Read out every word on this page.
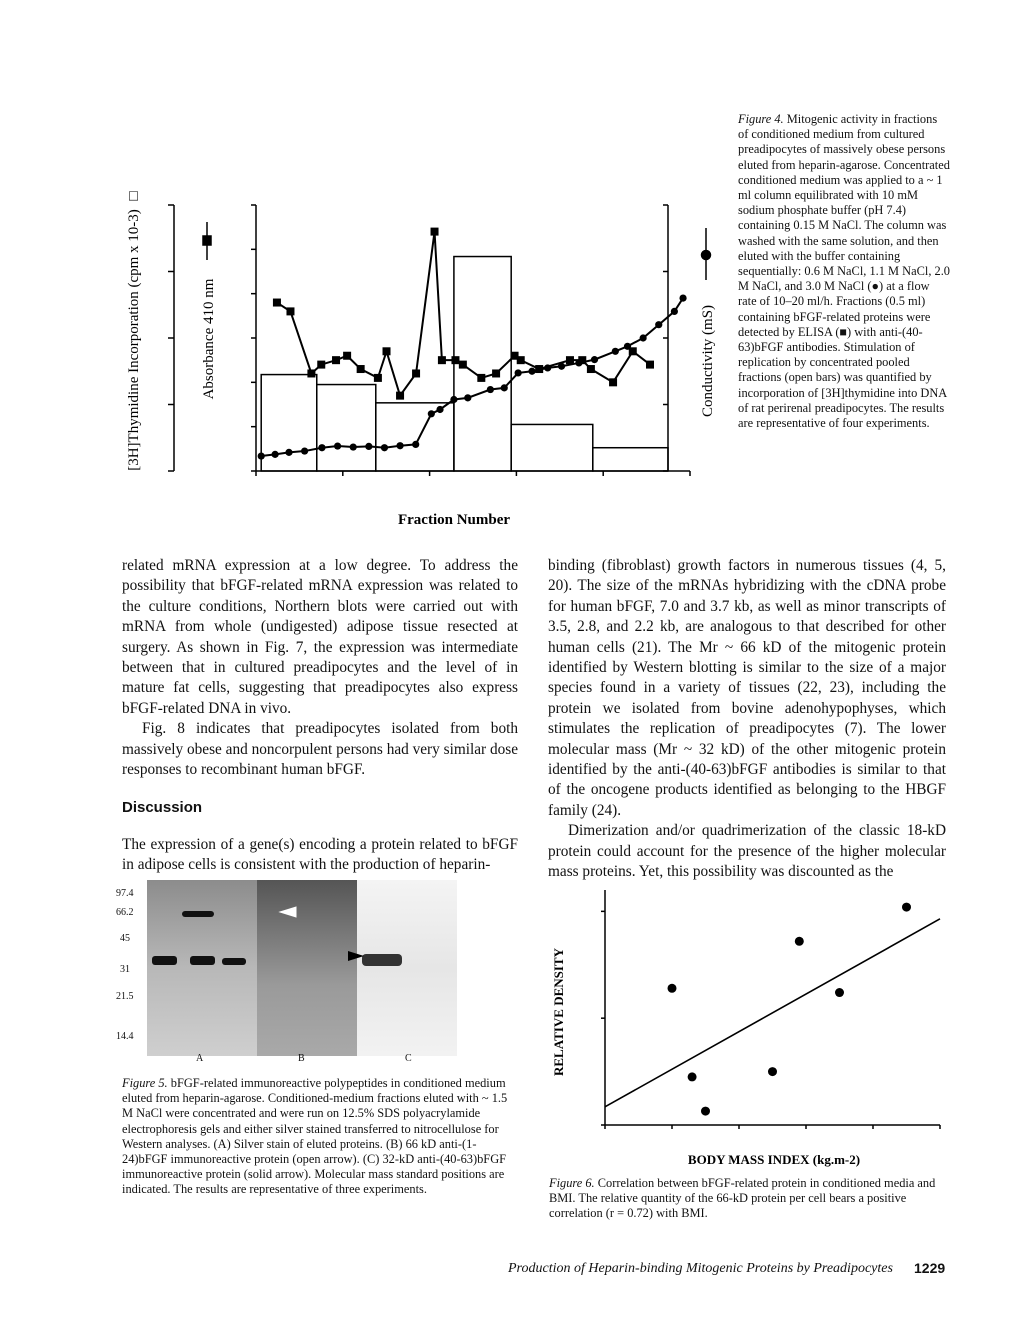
[3H]Thymidine Incorporation (cpm x 10-3)
□
Absorbance 410 nm	Conductivity (mS)
Fraction Number
Figure 4. Mitogenic activity in fractions of conditioned medium from cultured preadipocytes of massively obese persons eluted from heparin-agarose. Concentrated conditioned medium was applied to a ~ 1 ml column equilibrated with 10 mM sodium phosphate buffer (pH 7.4) containing 0.15 M NaCl. The column was washed with the same solution, and then eluted with the buffer containing sequentially: 0.6 M NaCl, 1.1 M NaCl, 2.0 M NaCl, and 3.0 M NaCl (●) at a flow rate of 10–20 ml/h. Fractions (0.5 ml) containing bFGF-related proteins were detected by ELISA (■) with anti-(40-63)bFGF antibodies. Stimulation of replication by concentrated pooled fractions (open bars) was quantified by incorporation of [3H]thymidine into DNA of rat perirenal preadipocytes. The results are representative of four experiments.

related mRNA expression at a low degree. To address the possibility that bFGF-related mRNA expression was related to the culture conditions, Northern blots were carried out with mRNA from whole (undigested) adipose tissue resected at surgery. As shown in Fig. 7, the expression was intermediate between that in cultured preadipocytes and the level of in mature fat cells, suggesting that preadipocytes also express bFGF-related DNA in vivo.

Fig. 8 indicates that preadipocytes isolated from both massively obese and noncorpulent persons had very similar dose responses to recombinant human bFGF.

Discussion

The expression of a gene(s) encoding a protein related to bFGF in adipose cells is consistent with the production of heparin-

binding (fibroblast) growth factors in numerous tissues (4, 5, 20). The size of the mRNAs hybridizing with the cDNA probe for human bFGF, 7.0 and 3.7 kb, as well as minor transcripts of 3.5, 2.8, and 2.2 kb, are analogous to that described for other human cells (21). The Mr ~ 66 kD of the mitogenic protein identified by Western blotting is similar to the size of a major species found in a variety of tissues (22, 23), including the protein we isolated from bovine adenohypophyses, which stimulates the replication of preadipocytes (7). The lower molecular mass (Mr ~ 32 kD) of the other mitogenic protein identified by the anti-(40-63)bFGF antibodies is similar to that of the oncogene products identified as belonging to the HBGF family (24).

Dimerization and/or quadrimerization of the classic 18-kD protein could account for the presence of the higher molecular mass proteins. Yet, this possibility was discounted as the

97.4
66.2
45
31
21.5
14.4
A	B	C
Figure 5. bFGF-related immunoreactive polypeptides in conditioned medium eluted from heparin-agarose. Conditioned-medium fractions eluted with ~ 1.5 M NaCl were concentrated and were run on 12.5% SDS polyacrylamide electrophoresis gels and either silver stained transferred to nitrocellulose for Western analyses. (A) Silver stain of eluted proteins. (B) 66 kD anti-(1-24)bFGF immunoreactive protein (open arrow). (C) 32-kD anti-(40-63)bFGF immunoreactive protein (solid arrow). Molecular mass standard positions are indicated. The results are representative of three experiments.
RELATIVE DENSITY
BODY MASS INDEX (kg.m-2)
Figure 6. Correlation between bFGF-related protein in conditioned media and BMI. The relative quantity of the 66-kD protein per cell bears a positive correlation (r = 0.72) with BMI.
Production of Heparin-binding Mitogenic Proteins by Preadipocytes 1229
